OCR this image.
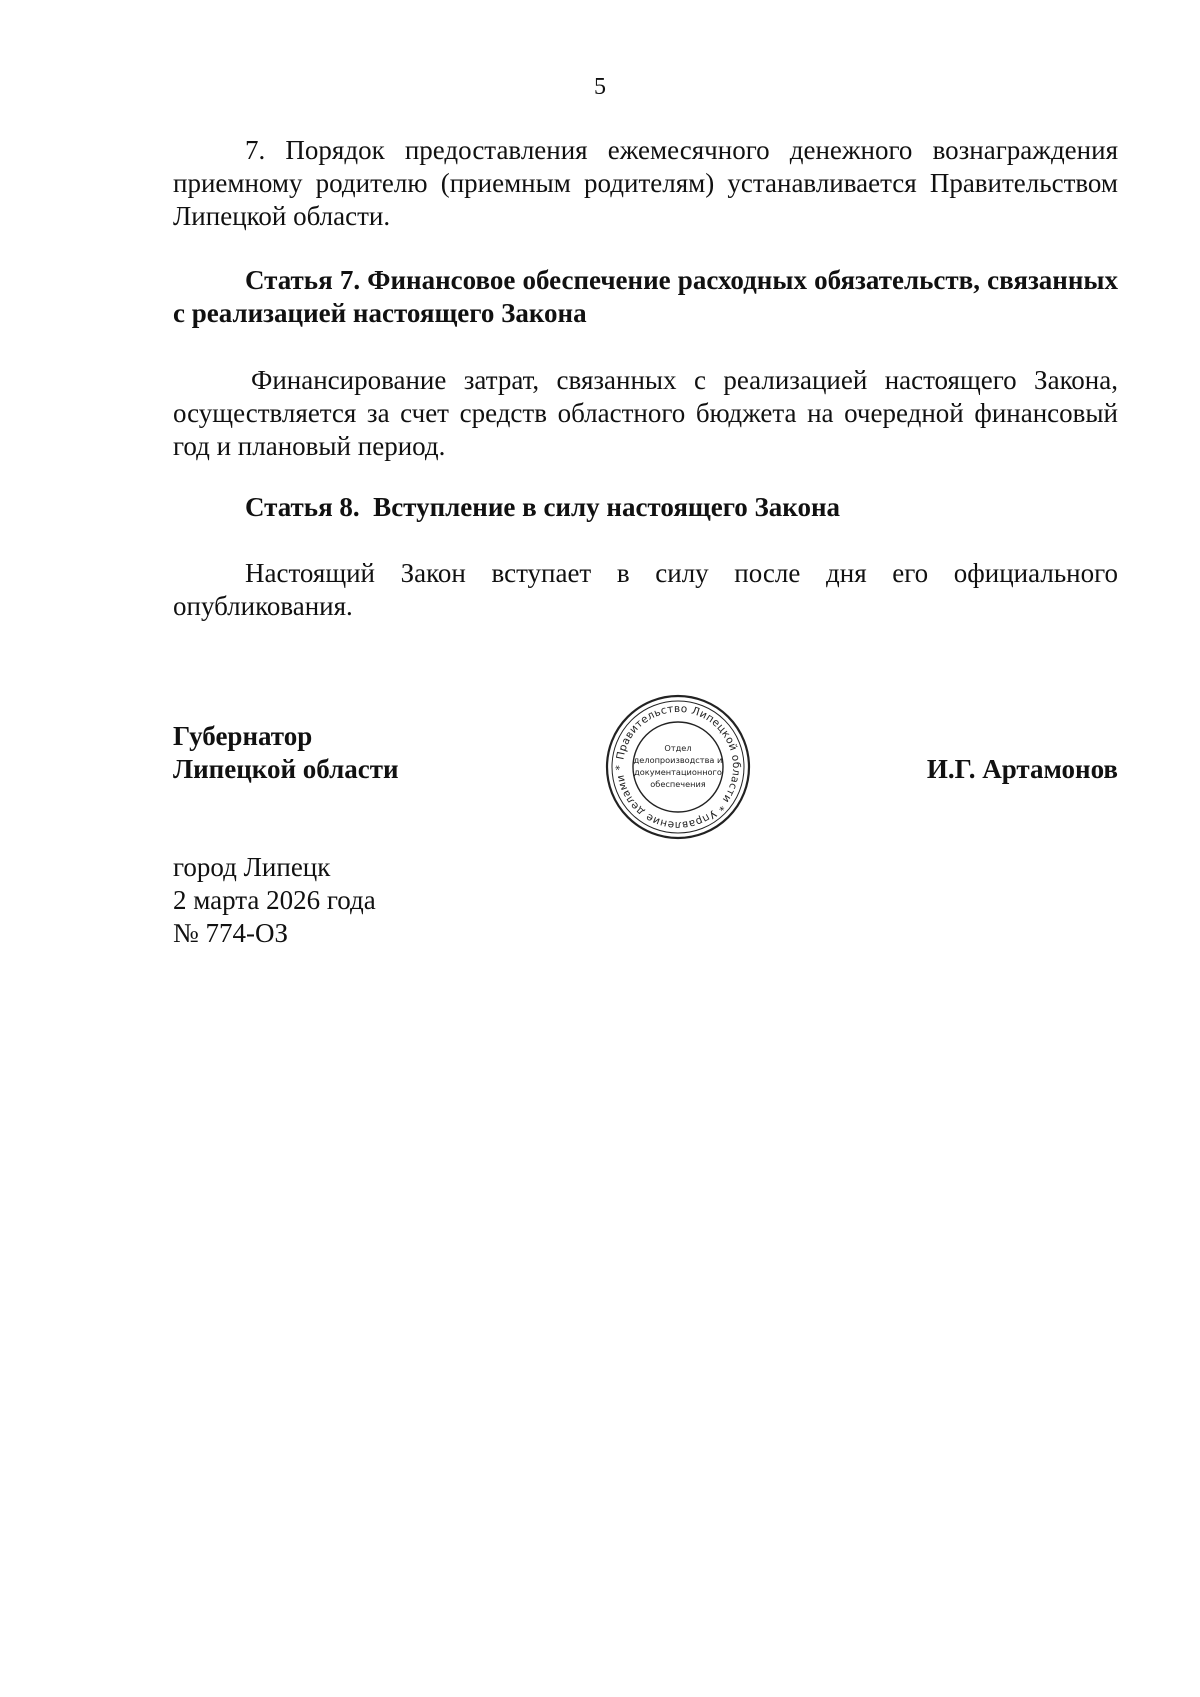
5
7. Порядок предоставления ежемесячного денежного вознаграждения приемному родителю (приемным родителям) устанавливается Правительством Липецкой области.
Статья 7. Финансовое обеспечение расходных обязательств, связанных с реализацией настоящего Закона
Финансирование затрат, связанных с реализацией настоящего Закона, осуществляется за счет средств областного бюджета на очередной финансовый год и плановый период.
Статья 8.  Вступление в силу настоящего Закона
Настоящий Закон вступает в силу после дня его официального опубликования.
Губернатор
Липецкой области	Правительство Липецкой области * Управление делами *
Отдел
делопроизводства и
документационного
обеспечения	И.Г. Артамонов
город Липецк
2 марта 2026 года
№ 774-ОЗ
